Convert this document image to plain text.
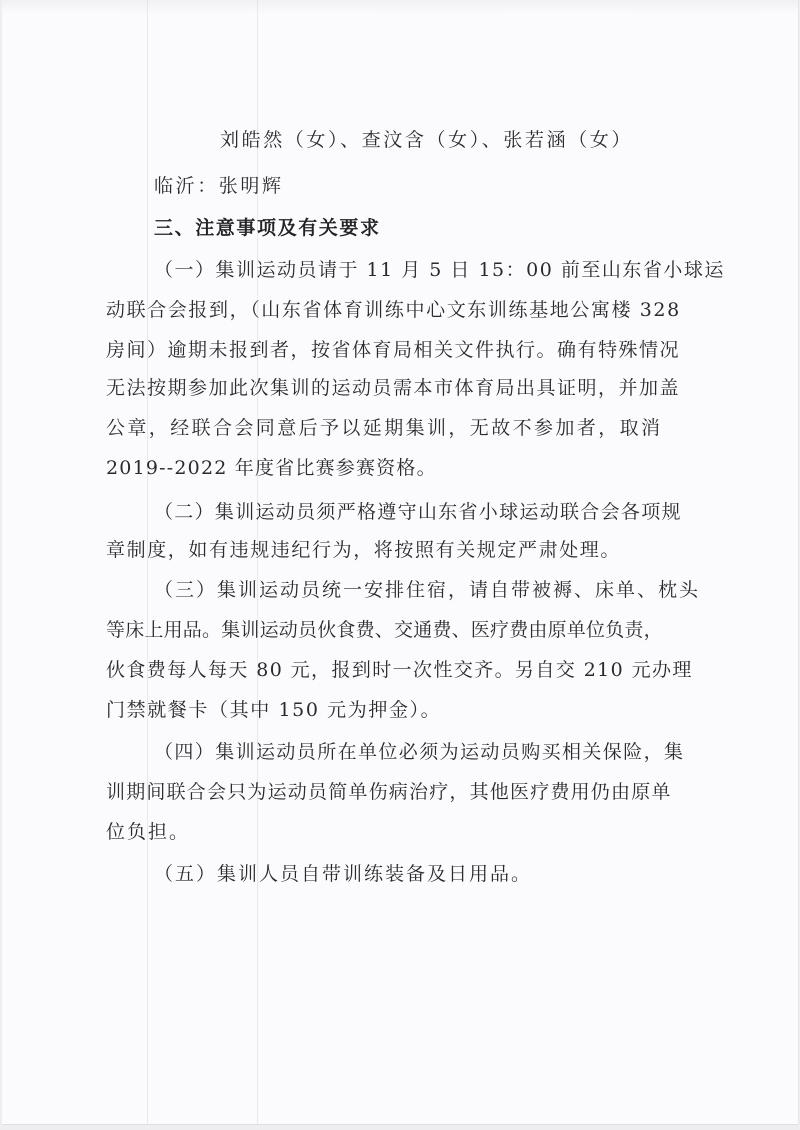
刘皓然（女）、查汶含（女）、张若涵（女）
临沂：张明辉
三、注意事项及有关要求
（一）集训运动员请于 11 月 5 日 15：00 前至山东省小球运
动联合会报到，（山东省体育训练中心文东训练基地公寓楼 328
房间）逾期未报到者，按省体育局相关文件执行。确有特殊情况
无法按期参加此次集训的运动员需本市体育局出具证明，并加盖
公章，经联合会同意后予以延期集训，无故不参加者，取消
2019--2022 年度省比赛参赛资格。
（二）集训运动员须严格遵守山东省小球运动联合会各项规
章制度，如有违规违纪行为，将按照有关规定严肃处理。
（三）集训运动员统一安排住宿，请自带被褥、床单、枕头
等床上用品。集训运动员伙食费、交通费、医疗费由原单位负责，
伙食费每人每天 80 元，报到时一次性交齐。另自交 210 元办理
门禁就餐卡（其中 150 元为押金）。
（四）集训运动员所在单位必须为运动员购买相关保险，集
训期间联合会只为运动员简单伤病治疗，其他医疗费用仍由原单
位负担。
（五）集训人员自带训练装备及日用品。
